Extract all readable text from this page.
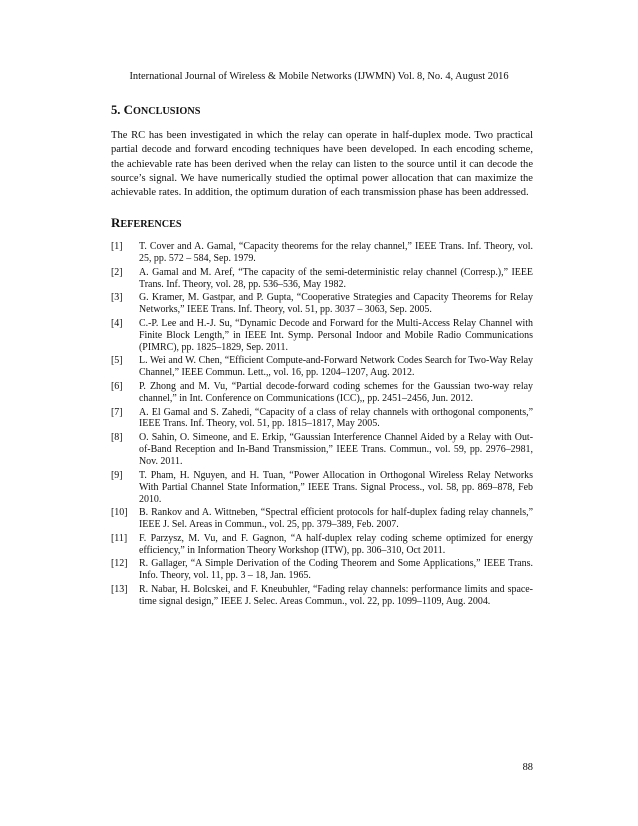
International Journal of Wireless & Mobile Networks (IJWMN) Vol. 8, No. 4, August 2016
5. CONCLUSIONS

The RC has been investigated in which the relay can operate in half-duplex mode. Two practical partial decode and forward encoding techniques have been developed. In each encoding scheme, the achievable rate has been derived when the relay can listen to the source until it can decode the source’s signal. We have numerically studied the optimal power allocation that can maximize the achievable rates. In addition, the optimum duration of each transmission phase has been addressed.

REFERENCES
[1]	T. Cover and A. Gamal, “Capacity theorems for the relay channel,” IEEE Trans. Inf. Theory, vol. 25, pp. 572 – 584, Sep. 1979.
[2]	A. Gamal and M. Aref, “The capacity of the semi-deterministic relay channel (Corresp.),” IEEE Trans. Inf. Theory, vol. 28, pp. 536–536, May 1982.
[3]	G. Kramer, M. Gastpar, and P. Gupta, “Cooperative Strategies and Capacity Theorems for Relay Networks,” IEEE Trans. Inf. Theory, vol. 51, pp. 3037 – 3063, Sep. 2005.
[4]	C.-P. Lee and H.-J. Su, “Dynamic Decode and Forward for the Multi-Access Relay Channel with Finite Block Length,” in IEEE Int. Symp. Personal Indoor and Mobile Radio Communications (PIMRC), pp. 1825–1829, Sep. 2011.
[5]	L. Wei and W. Chen, “Efficient Compute-and-Forward Network Codes Search for Two-Way Relay Channel,” IEEE Commun. Lett.,, vol. 16, pp. 1204–1207, Aug. 2012.
[6]	P. Zhong and M. Vu, “Partial decode-forward coding schemes for the Gaussian two-way relay channel,” in Int. Conference on Communications (ICC),, pp. 2451–2456, Jun. 2012.
[7]	A. El Gamal and S. Zahedi, “Capacity of a class of relay channels with orthogonal components,” IEEE Trans. Inf. Theory, vol. 51, pp. 1815–1817, May 2005.
[8]	O. Sahin, O. Simeone, and E. Erkip, “Gaussian Interference Channel Aided by a Relay with Out-of-Band Reception and In-Band Transmission,” IEEE Trans. Commun., vol. 59, pp. 2976–2981, Nov. 2011.
[9]	T. Pham, H. Nguyen, and H. Tuan, “Power Allocation in Orthogonal Wireless Relay Networks With Partial Channel State Information,” IEEE Trans. Signal Process., vol. 58, pp. 869–878, Feb 2010.
[10]	B. Rankov and A. Wittneben, “Spectral efficient protocols for half-duplex fading relay channels,” IEEE J. Sel. Areas in Commun., vol. 25, pp. 379–389, Feb. 2007.
[11]	F. Parzysz, M. Vu, and F. Gagnon, “A half-duplex relay coding scheme optimized for energy efficiency,” in Information Theory Workshop (ITW), pp. 306–310, Oct 2011.
[12]	R. Gallager, “A Simple Derivation of the Coding Theorem and Some Applications,” IEEE Trans. Info. Theory, vol. 11, pp. 3 – 18, Jan. 1965.
[13]	R. Nabar, H. Bolcskei, and F. Kneubuhler, “Fading relay channels: performance limits and space-time signal design,” IEEE J. Selec. Areas Commun., vol. 22, pp. 1099–1109, Aug. 2004.
88
